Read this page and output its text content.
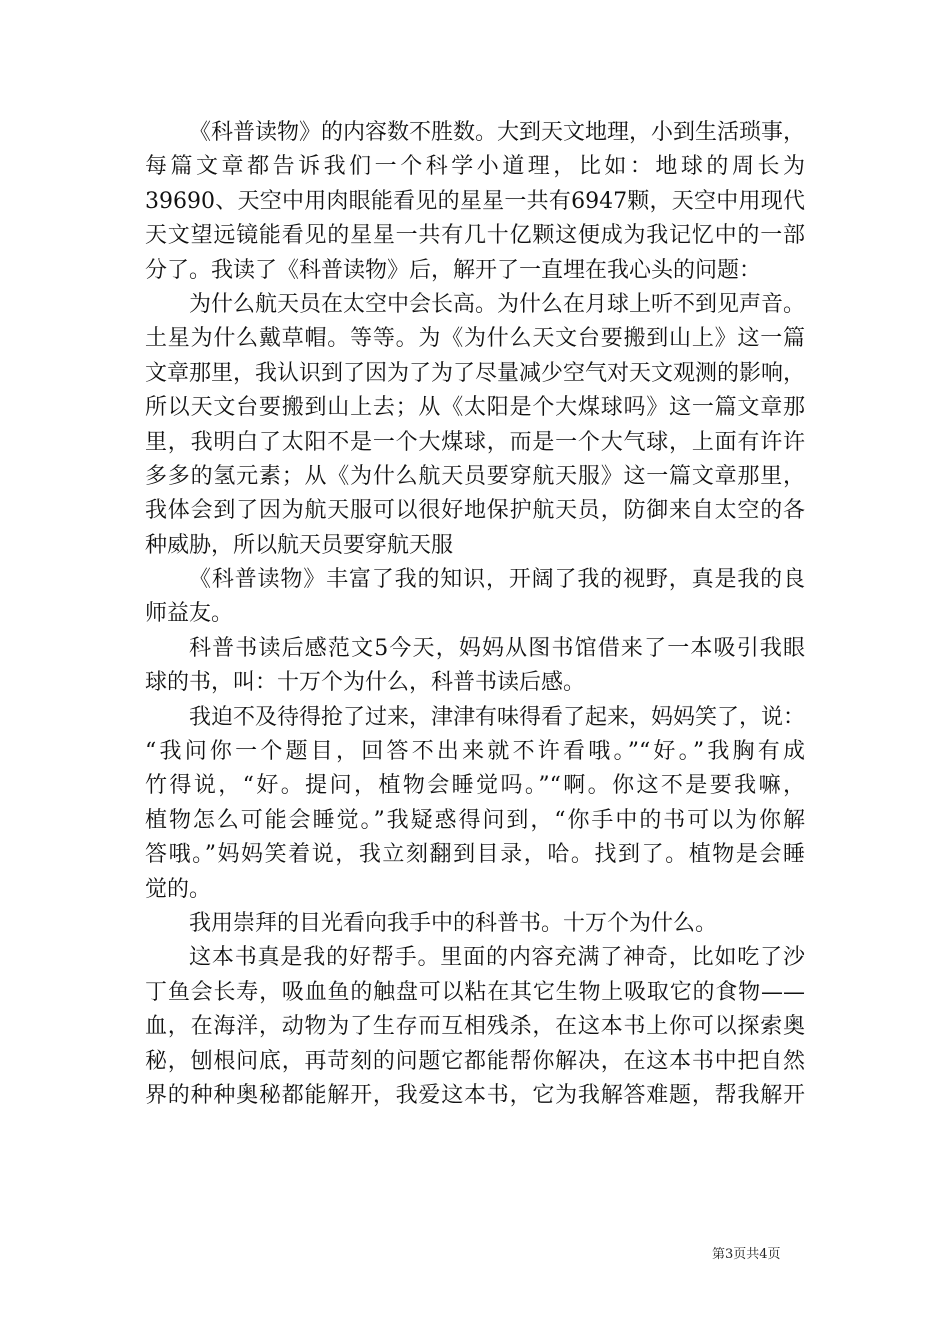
《科普读物》的内容数不胜数。大到天文地理，小到生活琐事，
每篇文章都告诉我们一个科学小道理，比如：地球的周长为
39690、天空中用肉眼能看见的星星一共有6947颗，天空中用现代
天文望远镜能看见的星星一共有几十亿颗这便成为我记忆中的一部
分了。我读了《科普读物》后，解开了一直埋在我心头的问题：
为什么航天员在太空中会长高。为什么在月球上听不到见声音。
土星为什么戴草帽。等等。为《为什么天文台要搬到山上》这一篇
文章那里，我认识到了因为了为了尽量减少空气对天文观测的影响，
所以天文台要搬到山上去；从《太阳是个大煤球吗》这一篇文章那
里，我明白了太阳不是一个大煤球，而是一个大气球，上面有许许
多多的氢元素；从《为什么航天员要穿航天服》这一篇文章那里，
我体会到了因为航天服可以很好地保护航天员，防御来自太空的各
种威胁，所以航天员要穿航天服
《科普读物》丰富了我的知识，开阔了我的视野，真是我的良
师益友。
科普书读后感范文5今天，妈妈从图书馆借来了一本吸引我眼
球的书，叫：十万个为什么，科普书读后感。
我迫不及待得抢了过来，津津有味得看了起来，妈妈笑了，说：
“我问你一个题目，回答不出来就不许看哦。”“好。”我胸有成
竹得说，“好。提问，植物会睡觉吗。”“啊。你这不是要我嘛，
植物怎么可能会睡觉。”我疑惑得问到，“你手中的书可以为你解
答哦。”妈妈笑着说，我立刻翻到目录，哈。找到了。植物是会睡
觉的。
我用崇拜的目光看向我手中的科普书。十万个为什么。
这本书真是我的好帮手。里面的内容充满了神奇，比如吃了沙
丁鱼会长寿，吸血鱼的触盘可以粘在其它生物上吸取它的食物——
血，在海洋，动物为了生存而互相残杀，在这本书上你可以探索奥
秘，刨根问底，再苛刻的问题它都能帮你解决，在这本书中把自然
界的种种奥秘都能解开，我爱这本书，它为我解答难题，帮我解开
第3页共4页
